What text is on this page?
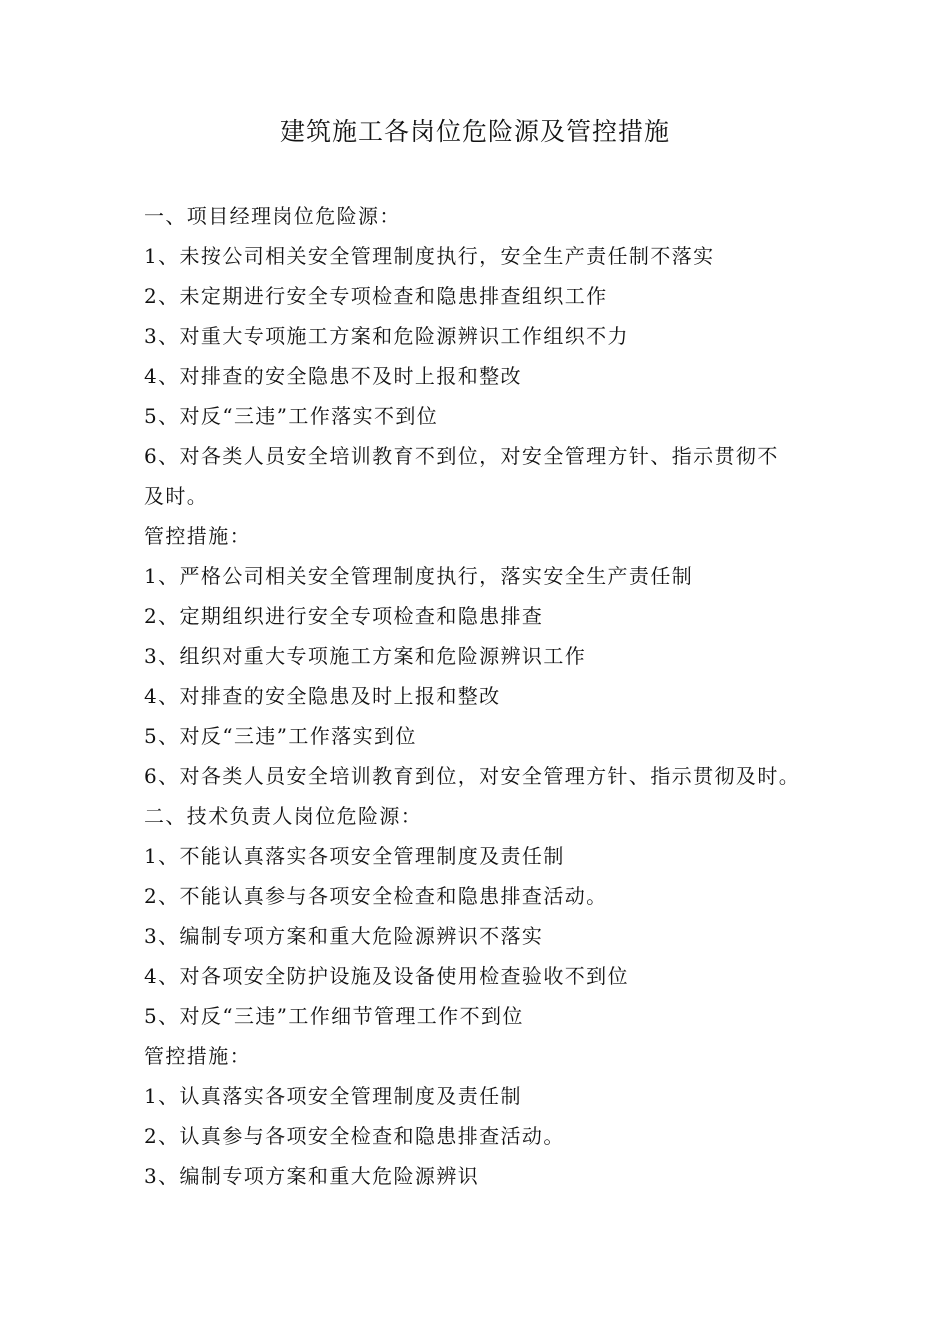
建筑施工各岗位危险源及管控措施
一、项目经理岗位危险源：
1、未按公司相关安全管理制度执行，安全生产责任制不落实
2、未定期进行安全专项检查和隐患排查组织工作
3、对重大专项施工方案和危险源辨识工作组织不力
4、对排查的安全隐患不及时上报和整改
5、对反“三违”工作落实不到位
6、对各类人员安全培训教育不到位，对安全管理方针、指示贯彻不
及时。
管控措施：
1、严格公司相关安全管理制度执行，落实安全生产责任制
2、定期组织进行安全专项检查和隐患排查
3、组织对重大专项施工方案和危险源辨识工作
4、对排查的安全隐患及时上报和整改
5、对反“三违”工作落实到位
6、对各类人员安全培训教育到位，对安全管理方针、指示贯彻及时。
二、技术负责人岗位危险源：
1、不能认真落实各项安全管理制度及责任制
2、不能认真参与各项安全检查和隐患排查活动。
3、编制专项方案和重大危险源辨识不落实
4、对各项安全防护设施及设备使用检查验收不到位
5、对反“三违”工作细节管理工作不到位
管控措施：
1、认真落实各项安全管理制度及责任制
2、认真参与各项安全检查和隐患排查活动。
3、编制专项方案和重大危险源辨识
